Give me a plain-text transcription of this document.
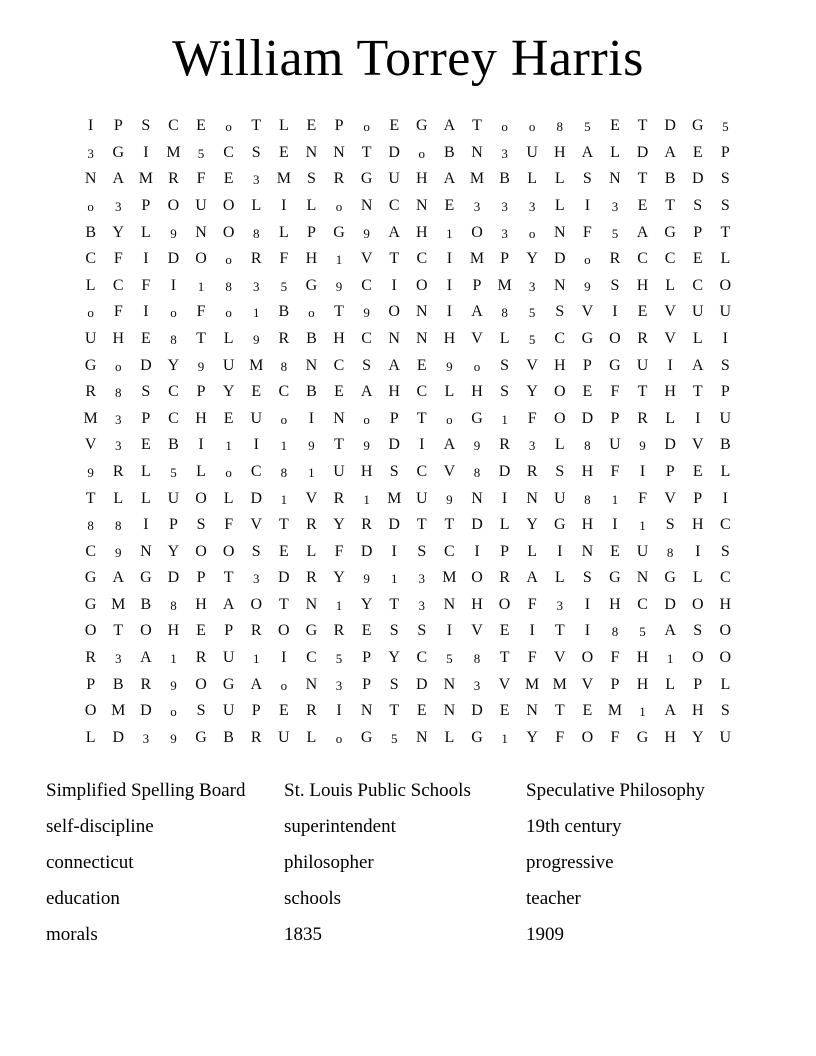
William Torrey Harris
I	P	S	C	E	o	T	L	E	P	o	E	G	A	T	o	o	8	5	E	T	D	G	5
3	G	I	M	5	C	S	E	N	N	T	D	o	B	N	3	U	H	A	L	D	A	E	P
N	A	M	R	F	E	3	M	S	R	G	U	H	A	M	B	L	L	S	N	T	B	D	S
o	3	P	O	U	O	L	I	L	o	N	C	N	E	3	3	3	L	I	3	E	T	S	S
B	Y	L	9	N	O	8	L	P	G	9	A	H	1	O	3	o	N	F	5	A	G	P	T
C	F	I	D	O	o	R	F	H	1	V	T	C	I	M	P	Y	D	o	R	C	C	E	L
L	C	F	I	1	8	3	5	G	9	C	I	O	I	P	M	3	N	9	S	H	L	C	O
o	F	I	o	F	o	1	B	o	T	9	O	N	I	A	8	5	S	V	I	E	V	U	U
U	H	E	8	T	L	9	R	B	H	C	N	N	H	V	L	5	C	G	O	R	V	L	I
G	o	D	Y	9	U	M	8	N	C	S	A	E	9	o	S	V	H	P	G	U	I	A	S
R	8	S	C	P	Y	E	C	B	E	A	H	C	L	H	S	Y	O	E	F	T	H	T	P
M	3	P	C	H	E	U	o	I	N	o	P	T	o	G	1	F	O	D	P	R	L	I	U
V	3	E	B	I	1	I	1	9	T	9	D	I	A	9	R	3	L	8	U	9	D	V	B
9	R	L	5	L	o	C	8	1	U	H	S	C	V	8	D	R	S	H	F	I	P	E	L
T	L	L	U	O	L	D	1	V	R	1	M	U	9	N	I	N	U	8	1	F	V	P	I
8	8	I	P	S	F	V	T	R	Y	R	D	T	T	D	L	Y	G	H	I	1	S	H	C
C	9	N	Y	O	O	S	E	L	F	D	I	S	C	I	P	L	I	N	E	U	8	I	S
G	A	G	D	P	T	3	D	R	Y	9	1	3	M	O	R	A	L	S	G	N	G	L	C
G	M	B	8	H	A	O	T	N	1	Y	T	3	N	H	O	F	3	I	H	C	D	O	H
O	T	O	H	E	P	R	O	G	R	E	S	S	I	V	E	I	T	I	8	5	A	S	O
R	3	A	1	R	U	1	I	C	5	P	Y	C	5	8	T	F	V	O	F	H	1	O	O
P	B	R	9	O	G	A	o	N	3	P	S	D	N	3	V	M	M	V	P	H	L	P	L
O	M	D	o	S	U	P	E	R	I	N	T	E	N	D	E	N	T	E	M	1	A	H	S
L	D	3	9	G	B	R	U	L	o	G	5	N	L	G	1	Y	F	O	F	G	H	Y	U
Simplified Spelling Board	St. Louis Public Schools	Speculative Philosophy
self-discipline	superintendent	19th century
connecticut	philosopher	progressive
education	schools	teacher
morals	1835	1909
